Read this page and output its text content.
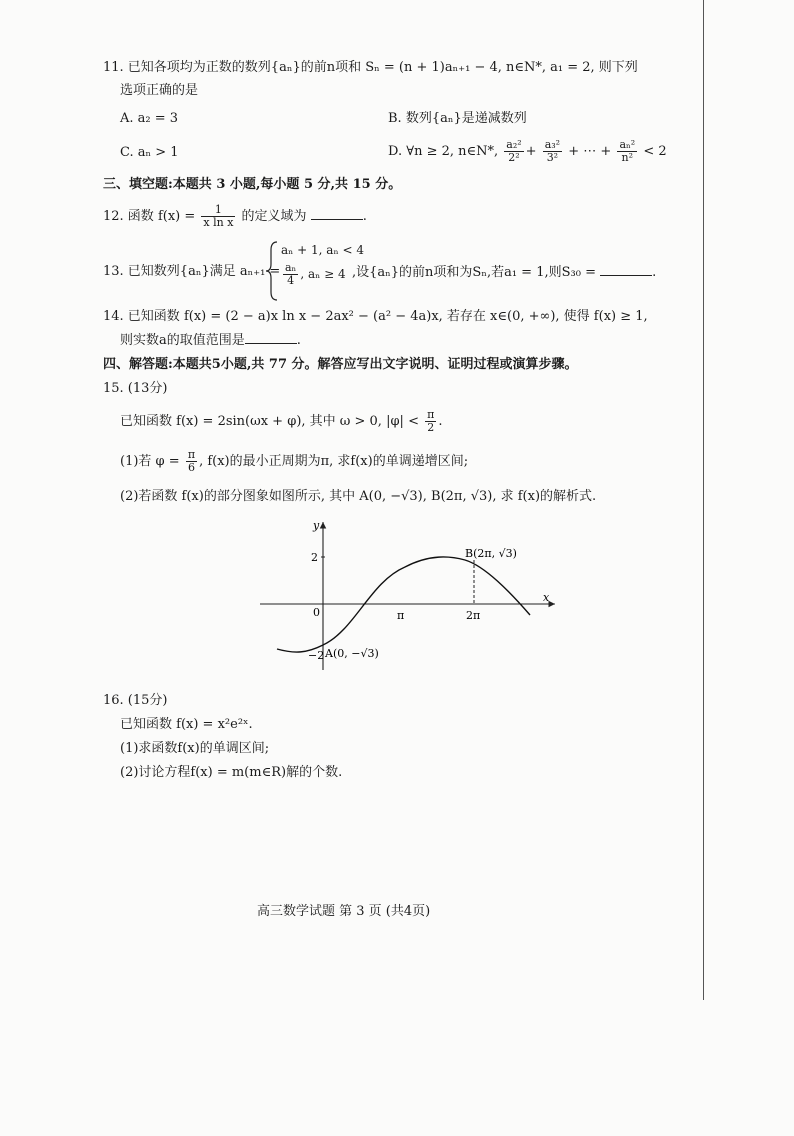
11. 已知各项均为正数的数列{aₙ}的前n项和 Sₙ = (n + 1)aₙ₊₁ − 4, n∈N*, a₁ = 2, 则下列
选项正确的是
A. a₂ = 3	B. 数列{aₙ}是递减数列
C. aₙ > 1	D. ∀n ≥ 2, n∈N*, $\frac{\text{a₂²}}{\text{2²}} + \frac{\text{a₃²}}{\text{3²}}$ + ⋯ + $\frac{\text{aₙ²}}{\text{n²}} < 2$
三、填空题:本题共 3 小题,每小题 5 分,共 15 分。
12. 函数 $f(x) = \frac{1}{\text{x ln x}}$ 的定义域为	.
13. 已知数列{aₙ}满足 aₙ₊₁ =
aₙ + 1, aₙ < 4
$\frac{\text{aₙ}}{4}$ , aₙ ≥ 4 ,设{aₙ}的前n项和为Sₙ,若a₁ = 1,则S₃₀ =	.
14. 已知函数 f(x) = (2 − a)x ln x − 2ax² − (a² − 4a)x, 若存在 x∈(0, +∞), 使得 f(x) ≥ 1,
则实数a的取值范围是	.
四、解答题:本题共5小题,共 77 分。解答应写出文字说明、证明过程或演算步骤。
15. (13分)
已知函数 f(x) = 2sin(ωx + φ), 其中 ω > 0, $|\varphi| < \frac{\pi}{2}$ .
(1)若 $\varphi = \frac{\pi}{6}$ , f(x)的最小正周期为π, 求f(x)的单调递增区间;
(2)若函数 f(x)的部分图象如图所示, 其中 A(0, −√3), B(2π, √3), 求 f(x)的解析式.
y
x
0
2
−2
π	2π
A(0, −√3)
B(2π, √3)
16. (15分)
已知函数 f(x) = x²e²ˣ.
(1)求函数f(x)的单调区间;
(2)讨论方程f(x) = m(m∈R)解的个数.
高三数学试题 第 3 页 (共4页)
